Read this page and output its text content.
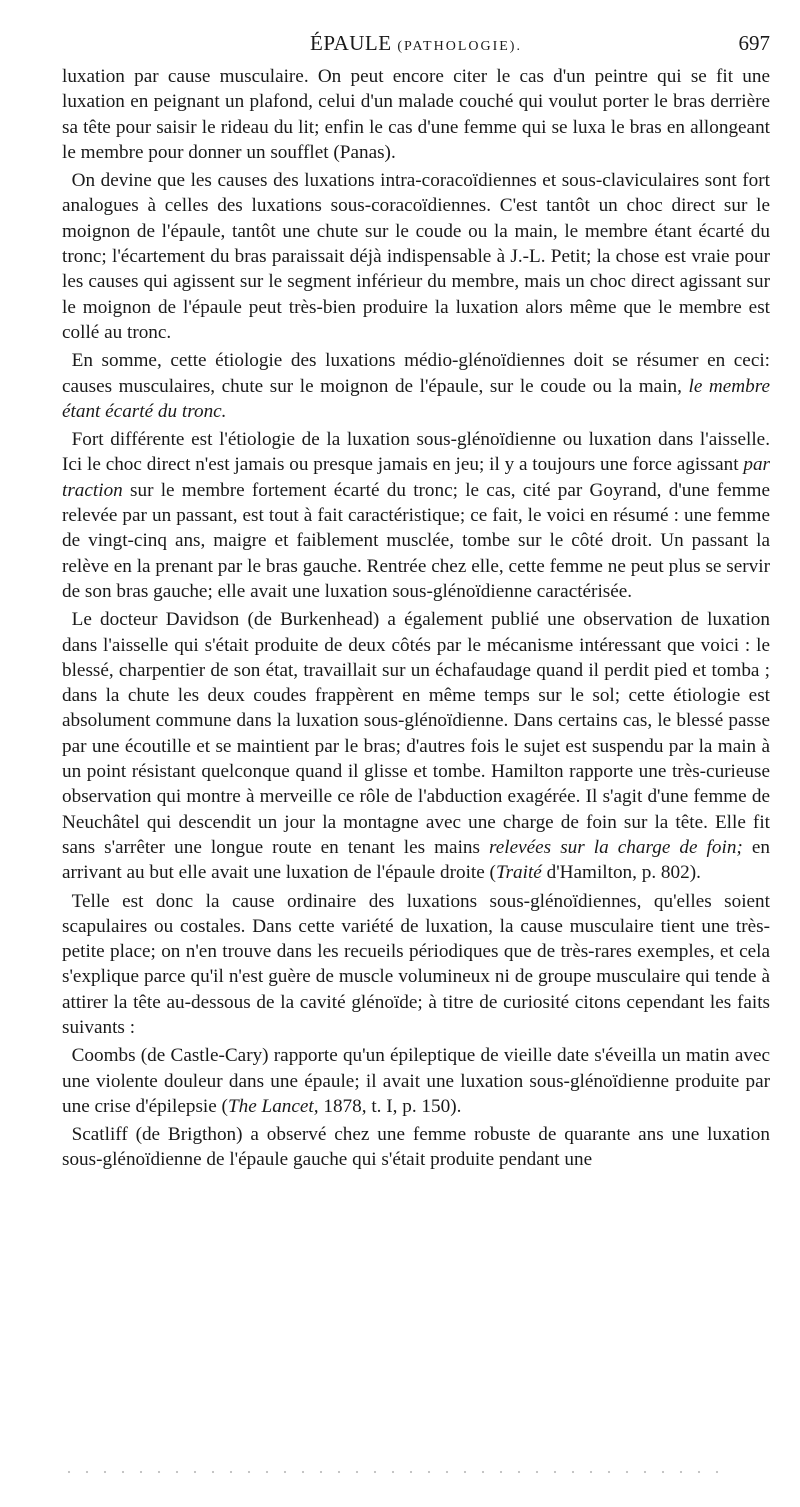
ÉPAULE (PATHOLOGIE).	697

luxation par cause musculaire. On peut encore citer le cas d'un peintre qui se fit une luxation en peignant un plafond, celui d'un malade couché qui voulut porter le bras derrière sa tête pour saisir le rideau du lit; enfin le cas d'une femme qui se luxa le bras en allongeant le membre pour donner un soufflet (Panas).

On devine que les causes des luxations intra-coracoïdiennes et sous-claviculaires sont fort analogues à celles des luxations sous-coracoïdiennes. C'est tantôt un choc direct sur le moignon de l'épaule, tantôt une chute sur le coude ou la main, le membre étant écarté du tronc; l'écartement du bras paraissait déjà indispensable à J.-L. Petit; la chose est vraie pour les causes qui agissent sur le segment inférieur du membre, mais un choc direct agissant sur le moignon de l'épaule peut très-bien produire la luxation alors même que le membre est collé au tronc.

En somme, cette étiologie des luxations médio-glénoïdiennes doit se résumer en ceci: causes musculaires, chute sur le moignon de l'épaule, sur le coude ou la main, le membre étant écarté du tronc.

Fort différente est l'étiologie de la luxation sous-glénoïdienne ou luxation dans l'aisselle. Ici le choc direct n'est jamais ou presque jamais en jeu; il y a toujours une force agissant par traction sur le membre fortement écarté du tronc; le cas, cité par Goyrand, d'une femme relevée par un passant, est tout à fait caractéristique; ce fait, le voici en résumé : une femme de vingt-cinq ans, maigre et faiblement musclée, tombe sur le côté droit. Un passant la relève en la prenant par le bras gauche. Rentrée chez elle, cette femme ne peut plus se servir de son bras gauche; elle avait une luxation sous-glénoïdienne caractérisée.

Le docteur Davidson (de Burkenhead) a également publié une observation de luxation dans l'aisselle qui s'était produite de deux côtés par le mécanisme intéressant que voici : le blessé, charpentier de son état, travaillait sur un échafaudage quand il perdit pied et tomba ; dans la chute les deux coudes frappèrent en même temps sur le sol; cette étiologie est absolument commune dans la luxation sous-glénoïdienne. Dans certains cas, le blessé passe par une écoutille et se maintient par le bras; d'autres fois le sujet est suspendu par la main à un point résistant quelconque quand il glisse et tombe. Hamilton rapporte une très-curieuse observation qui montre à merveille ce rôle de l'abduction exagérée. Il s'agit d'une femme de Neuchâtel qui descendit un jour la montagne avec une charge de foin sur la tête. Elle fit sans s'arrêter une longue route en tenant les mains relevées sur la charge de foin; en arrivant au but elle avait une luxation de l'épaule droite (Traité d'Hamilton, p. 802).

Telle est donc la cause ordinaire des luxations sous-glénoïdiennes, qu'elles soient scapulaires ou costales. Dans cette variété de luxation, la cause musculaire tient une très-petite place; on n'en trouve dans les recueils périodiques que de très-rares exemples, et cela s'explique parce qu'il n'est guère de muscle volumineux ni de groupe musculaire qui tende à attirer la tête au-dessous de la cavité glénoïde; à titre de curiosité citons cependant les faits suivants :

Coombs (de Castle-Cary) rapporte qu'un épileptique de vieille date s'éveilla un matin avec une violente douleur dans une épaule; il avait une luxation sous-glénoïdienne produite par une crise d'épilepsie (The Lancet, 1878, t. I, p. 150).

Scatliff (de Brigthon) a observé chez une femme robuste de quarante ans une luxation sous-glénoïdienne de l'épaule gauche qui s'était produite pendant une
